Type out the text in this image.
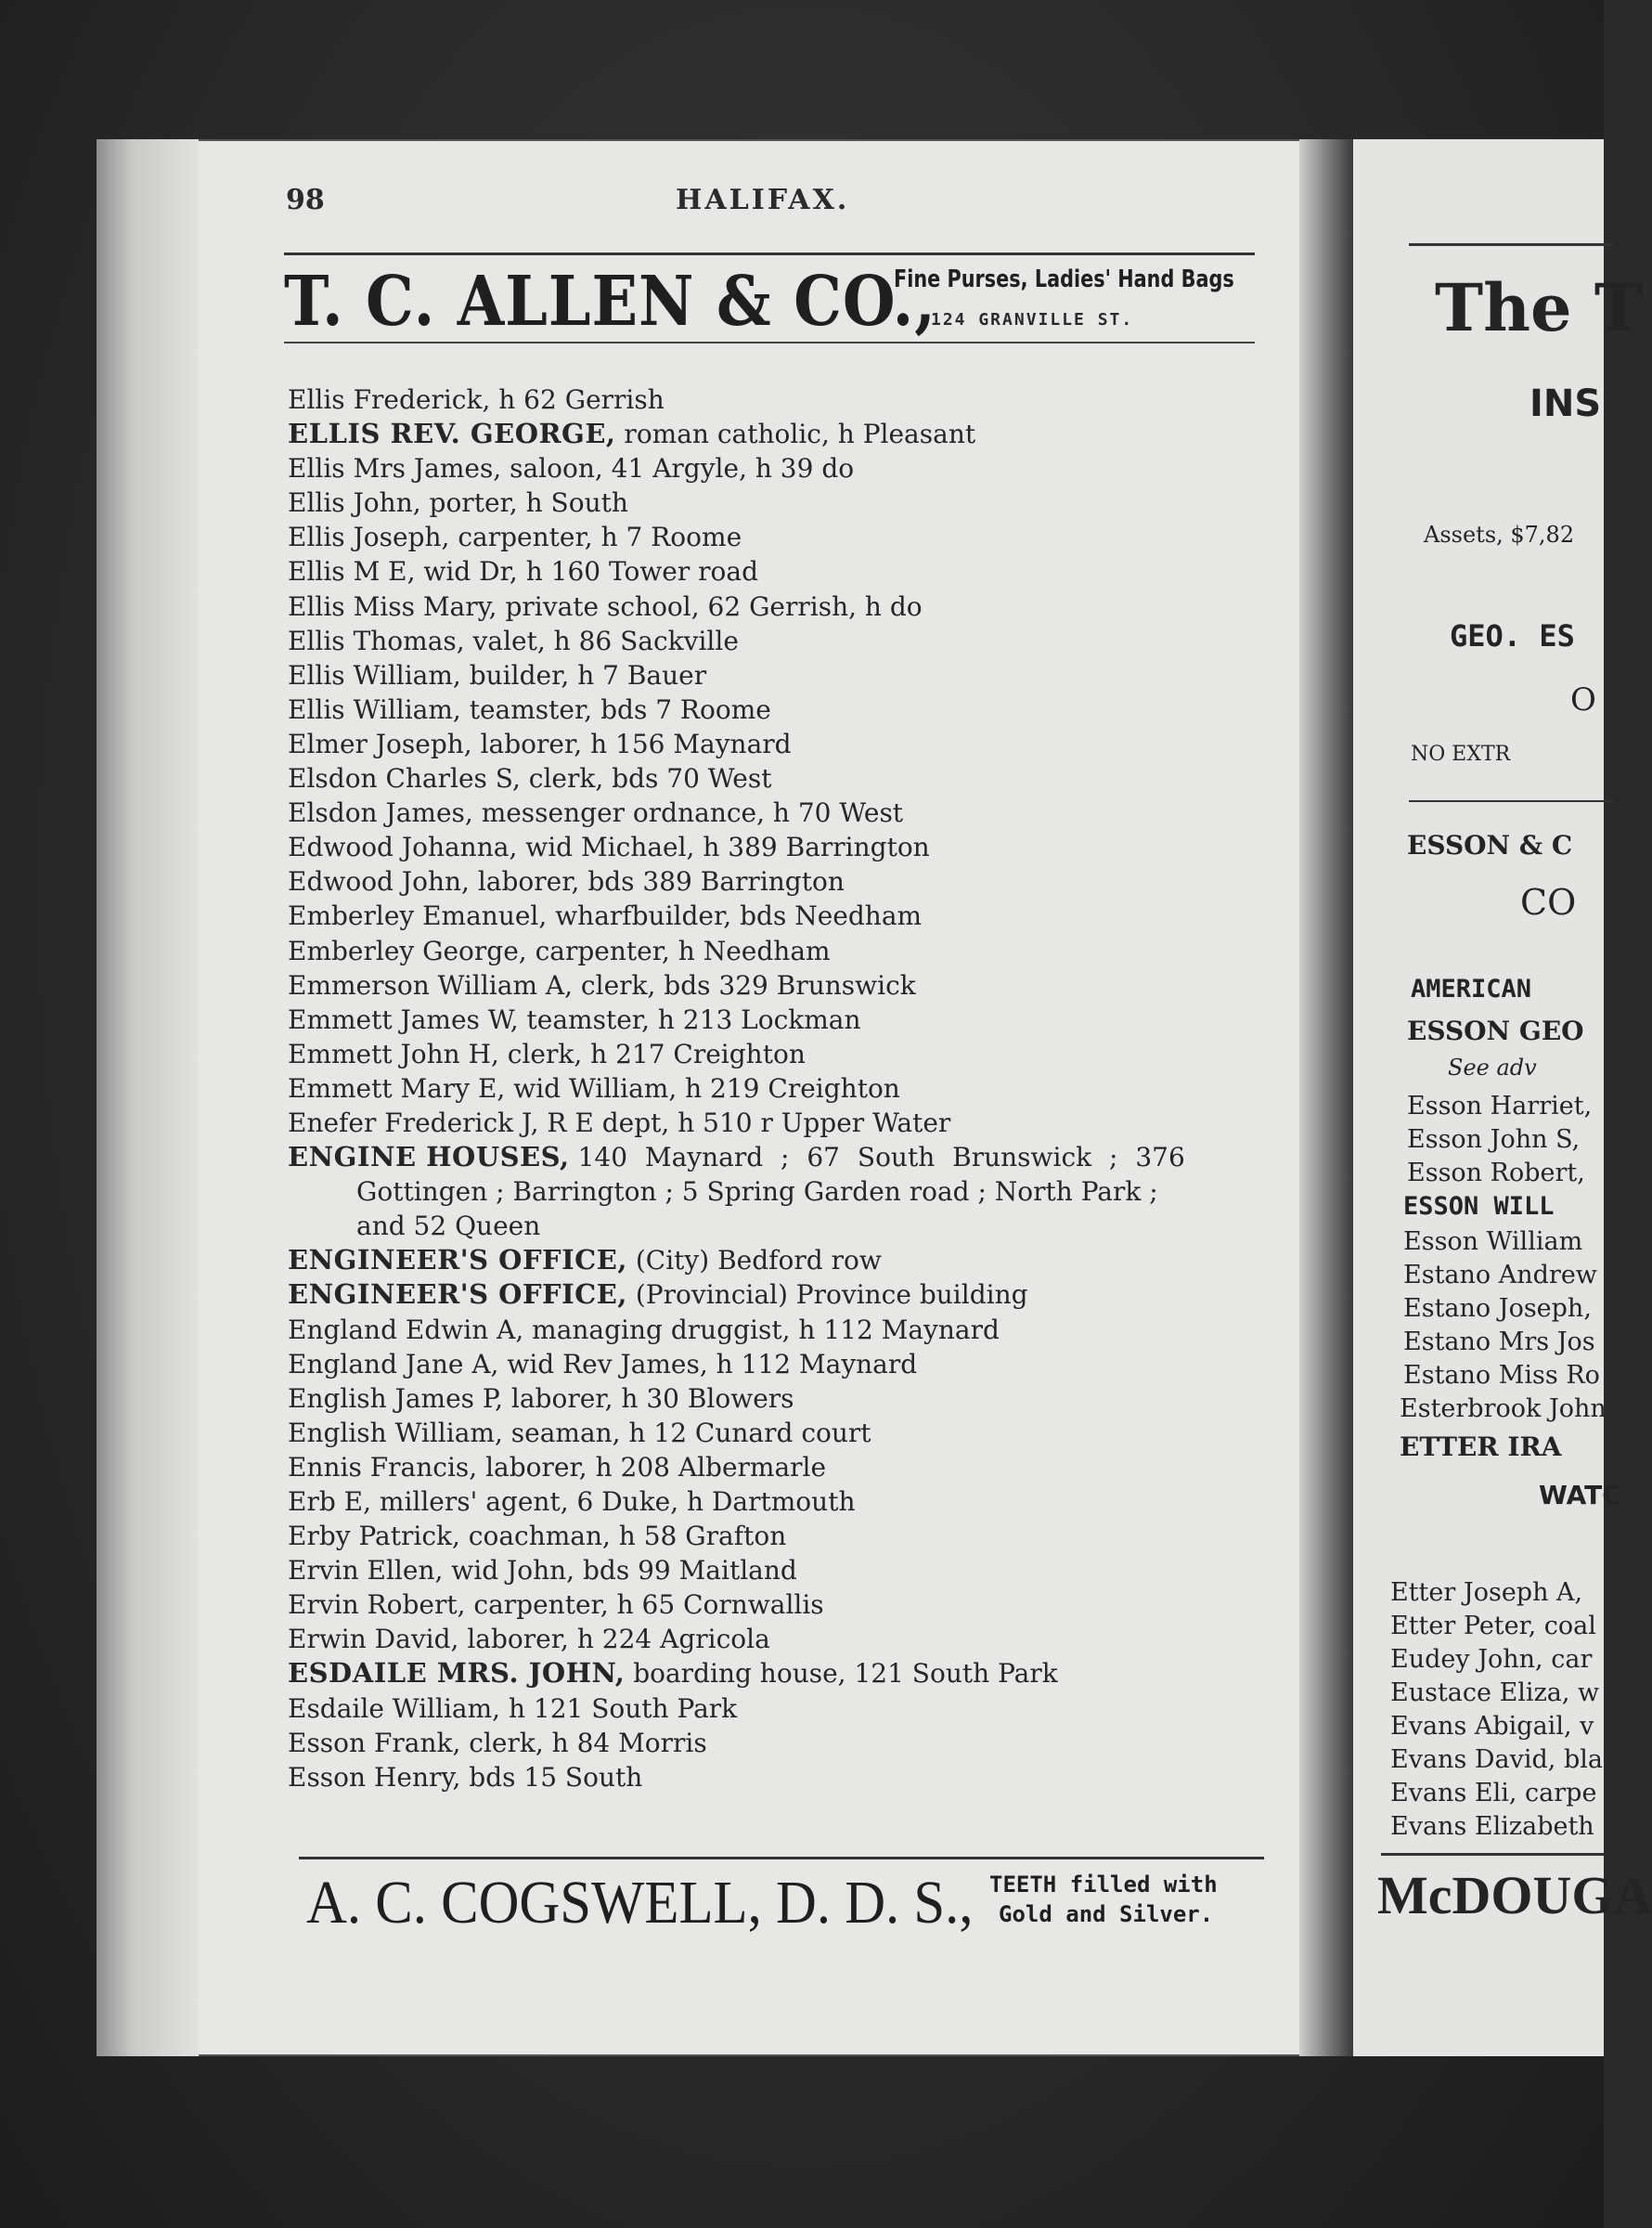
98	HALIFAX.
T. C. ALLEN & CO.,
Fine Purses, Ladies' Hand Bags
124 GRANVILLE ST.
Ellis Frederick, h 62 Gerrish
ELLIS REV. GEORGE, roman catholic, h Pleasant
Ellis Mrs James, saloon, 41 Argyle, h 39 do
Ellis John, porter, h South
Ellis Joseph, carpenter, h 7 Roome
Ellis M E, wid Dr, h 160 Tower road
Ellis Miss Mary, private school, 62 Gerrish, h do
Ellis Thomas, valet, h 86 Sackville
Ellis William, builder, h 7 Bauer
Ellis William, teamster, bds 7 Roome
Elmer Joseph, laborer, h 156 Maynard
Elsdon Charles S, clerk, bds 70 West
Elsdon James, messenger ordnance, h 70 West
Edwood Johanna, wid Michael, h 389 Barrington
Edwood John, laborer, bds 389 Barrington
Emberley Emanuel, wharfbuilder, bds Needham
Emberley George, carpenter, h Needham
Emmerson William A, clerk, bds 329 Brunswick
Emmett James W, teamster, h 213 Lockman
Emmett John H, clerk, h 217 Creighton
Emmett Mary E, wid William, h 219 Creighton
Enefer Frederick J, R E dept, h 510 r Upper Water
ENGINE HOUSES, 140 Maynard ; 67 South Brunswick ; 376
Gottingen ; Barrington ; 5 Spring Garden road ; North Park ;
and 52 Queen
ENGINEER'S OFFICE, (City) Bedford row
ENGINEER'S OFFICE, (Provincial) Province building
England Edwin A, managing druggist, h 112 Maynard
England Jane A, wid Rev James, h 112 Maynard
English James P, laborer, h 30 Blowers
English William, seaman, h 12 Cunard court
Ennis Francis, laborer, h 208 Albermarle
Erb E, millers' agent, 6 Duke, h Dartmouth
Erby Patrick, coachman, h 58 Grafton
Ervin Ellen, wid John, bds 99 Maitland
Ervin Robert, carpenter, h 65 Cornwallis
Erwin David, laborer, h 224 Agricola
ESDAILE MRS. JOHN, boarding house, 121 South Park
Esdaile William, h 121 South Park
Esson Frank, clerk, h 84 Morris
Esson Henry, bds 15 South
A. C. COGSWELL, D. D. S., TEETH filled with
Gold and Silver.
The T
INS
Assets, $7,82
GEO. ES
O
NO EXTR
ESSON & C
CO
AMERICAN
ESSON GEO
See adv
Esson Harriet,
Esson John S,
Esson Robert,
ESSON WILL
Esson William
Estano Andrew
Estano Joseph,
Estano Mrs Jos
Estano Miss Ro
Esterbrook John
ETTER IRA
WATC
Etter Joseph A,
Etter Peter, coal
Eudey John, car
Eustace Eliza, w
Evans Abigail, v
Evans David, bla
Evans Eli, carpe
Evans Elizabeth
McDOUGA
